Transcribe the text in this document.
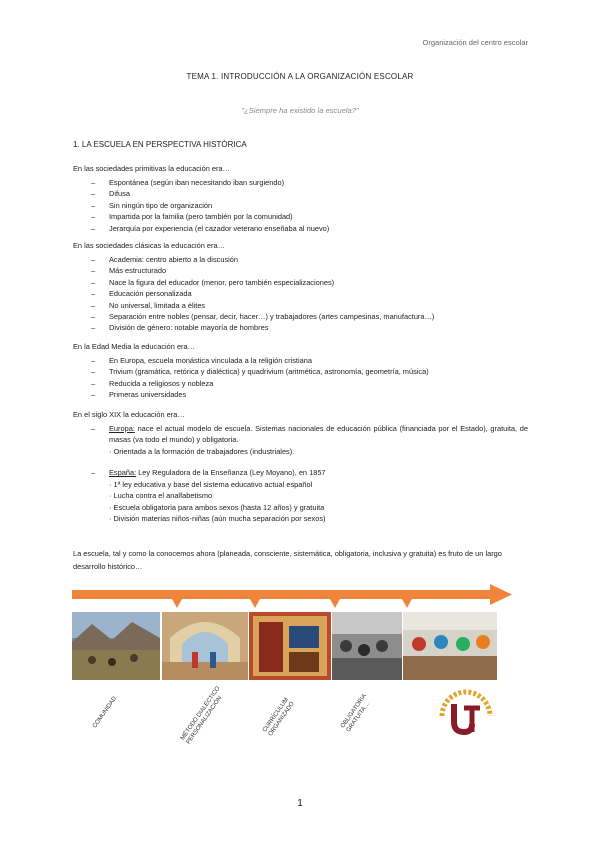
Organización del centro escolar
TEMA 1. INTRODUCCIÓN A LA ORGANIZACIÓN ESCOLAR
"¿Siempre ha existido la escuela?"
1. LA ESCUELA EN PERSPECTIVA HISTÓRICA
En las sociedades primitivas la educación era…
– Espontánea (según iban necesitando iban surgiendo)
– Difusa
– Sin ningún tipo de organización
– Impartida por la familia (pero también por la comunidad)
– Jerarquía por experiencia (el cazador veterano enseñaba al nuevo)
En las sociedades clásicas la educación era…
– Academia: centro abierto a la discusión
– Más estructurado
– Nace la figura del educador (menor, pero también especializaciones)
– Educación personalizada
– No universal, limitada a élites
– Separación entre nobles (pensar, decir, hacer…) y trabajadores (artes campesinas, manufactura…)
– División de género: notable mayoría de hombres
En la Edad Media la educación era…
– En Europa, escuela monástica vinculada a la religión cristiana
– Trivium (gramática, retórica y dialéctica) y quadrivium (aritmética, astronomía, geometría, música)
– Reducida a religiosos y nobleza
– Primeras universidades
En el siglo XIX la educación era…
– Europa: nace el actual modelo de escuela. Sistemas nacionales de educación pública (financiada por el Estado), gratuita, de masas (va todo el mundo) y obligatoria.
· Orientada a la formación de trabajadores (industriales).
– España: Ley Reguladora de la Enseñanza (Ley Moyano), en 1857
· 1ª ley educativa y base del sistema educativo actual español
· Lucha contra el analfabetismo
· Escuela obligatoria para ambos sexos (hasta 12 años) y gratuita
· División materias niños-niñas (aún mucha separación por sexos)
La escuela, tal y como la conocemos ahora (planeada, consciente, sistemática, obligatoria, inclusiva y gratuita) es fruto de un largo desarrollo histórico…
COMUNIDAD	MÉTODO DIALÉCTICO
PERSONALIZACIÓN	CURRÍCULUM
ORGANIZADO	OBLIGATORIA
GRATUITA…
1
